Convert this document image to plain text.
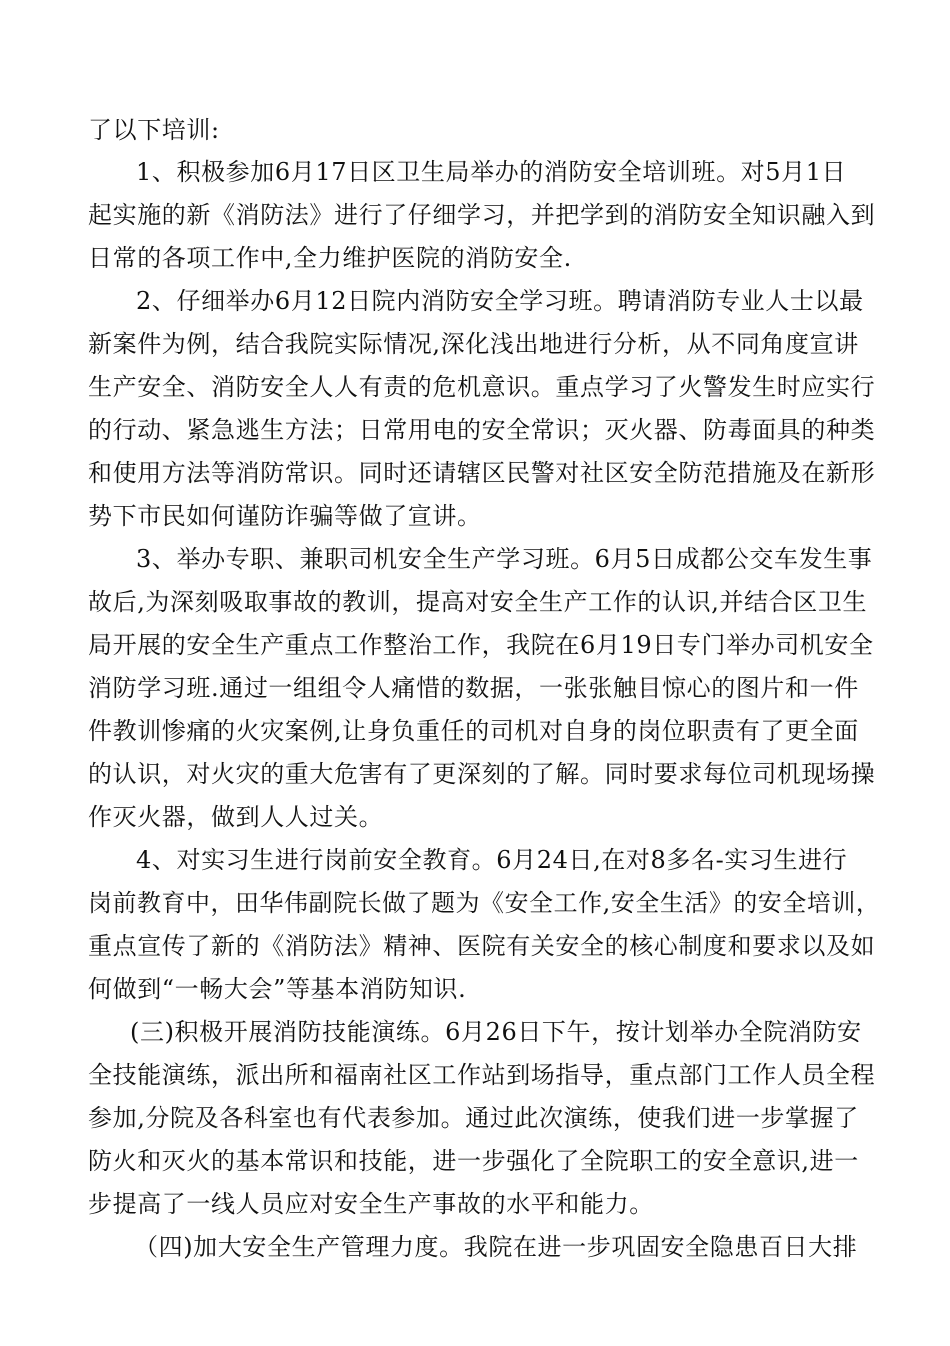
了以下培训:
1、积极参加6月17日区卫生局举办的消防安全培训班。对5月1日
起实施的新《消防法》进行了仔细学习，并把学到的消防安全知识融入到
日常的各项工作中,全力维护医院的消防安全.
2、仔细举办6月12日院内消防安全学习班。聘请消防专业人士以最
新案件为例，结合我院实际情况,深化浅出地进行分析，从不同角度宣讲
生产安全、消防安全人人有责的危机意识。重点学习了火警发生时应实行
的行动、紧急逃生方法；日常用电的安全常识；灭火器、防毒面具的种类
和使用方法等消防常识。同时还请辖区民警对社区安全防范措施及在新形
势下市民如何谨防诈骗等做了宣讲。
3、举办专职、兼职司机安全生产学习班。6月5日成都公交车发生事
故后,为深刻吸取事故的教训，提高对安全生产工作的认识,并结合区卫生
局开展的安全生产重点工作整治工作，我院在6月19日专门举办司机安全
消防学习班.通过一组组令人痛惜的数据，一张张触目惊心的图片和一件
件教训惨痛的火灾案例,让身负重任的司机对自身的岗位职责有了更全面
的认识，对火灾的重大危害有了更深刻的了解。同时要求每位司机现场操
作灭火器，做到人人过关。
4、对实习生进行岗前安全教育。6月24日,在对8多名-实习生进行
岗前教育中，田华伟副院长做了题为《安全工作,安全生活》的安全培训，
重点宣传了新的《消防法》精神、医院有关安全的核心制度和要求以及如
何做到“一畅大会”等基本消防知识.
(三)积极开展消防技能演练。6月26日下午，按计划举办全院消防安
全技能演练，派出所和福南社区工作站到场指导，重点部门工作人员全程
参加,分院及各科室也有代表参加。通过此次演练，使我们进一步掌握了
防火和灭火的基本常识和技能，进一步强化了全院职工的安全意识,进一
步提高了一线人员应对安全生产事故的水平和能力。
（四)加大安全生产管理力度。我院在进一步巩固安全隐患百日大排
